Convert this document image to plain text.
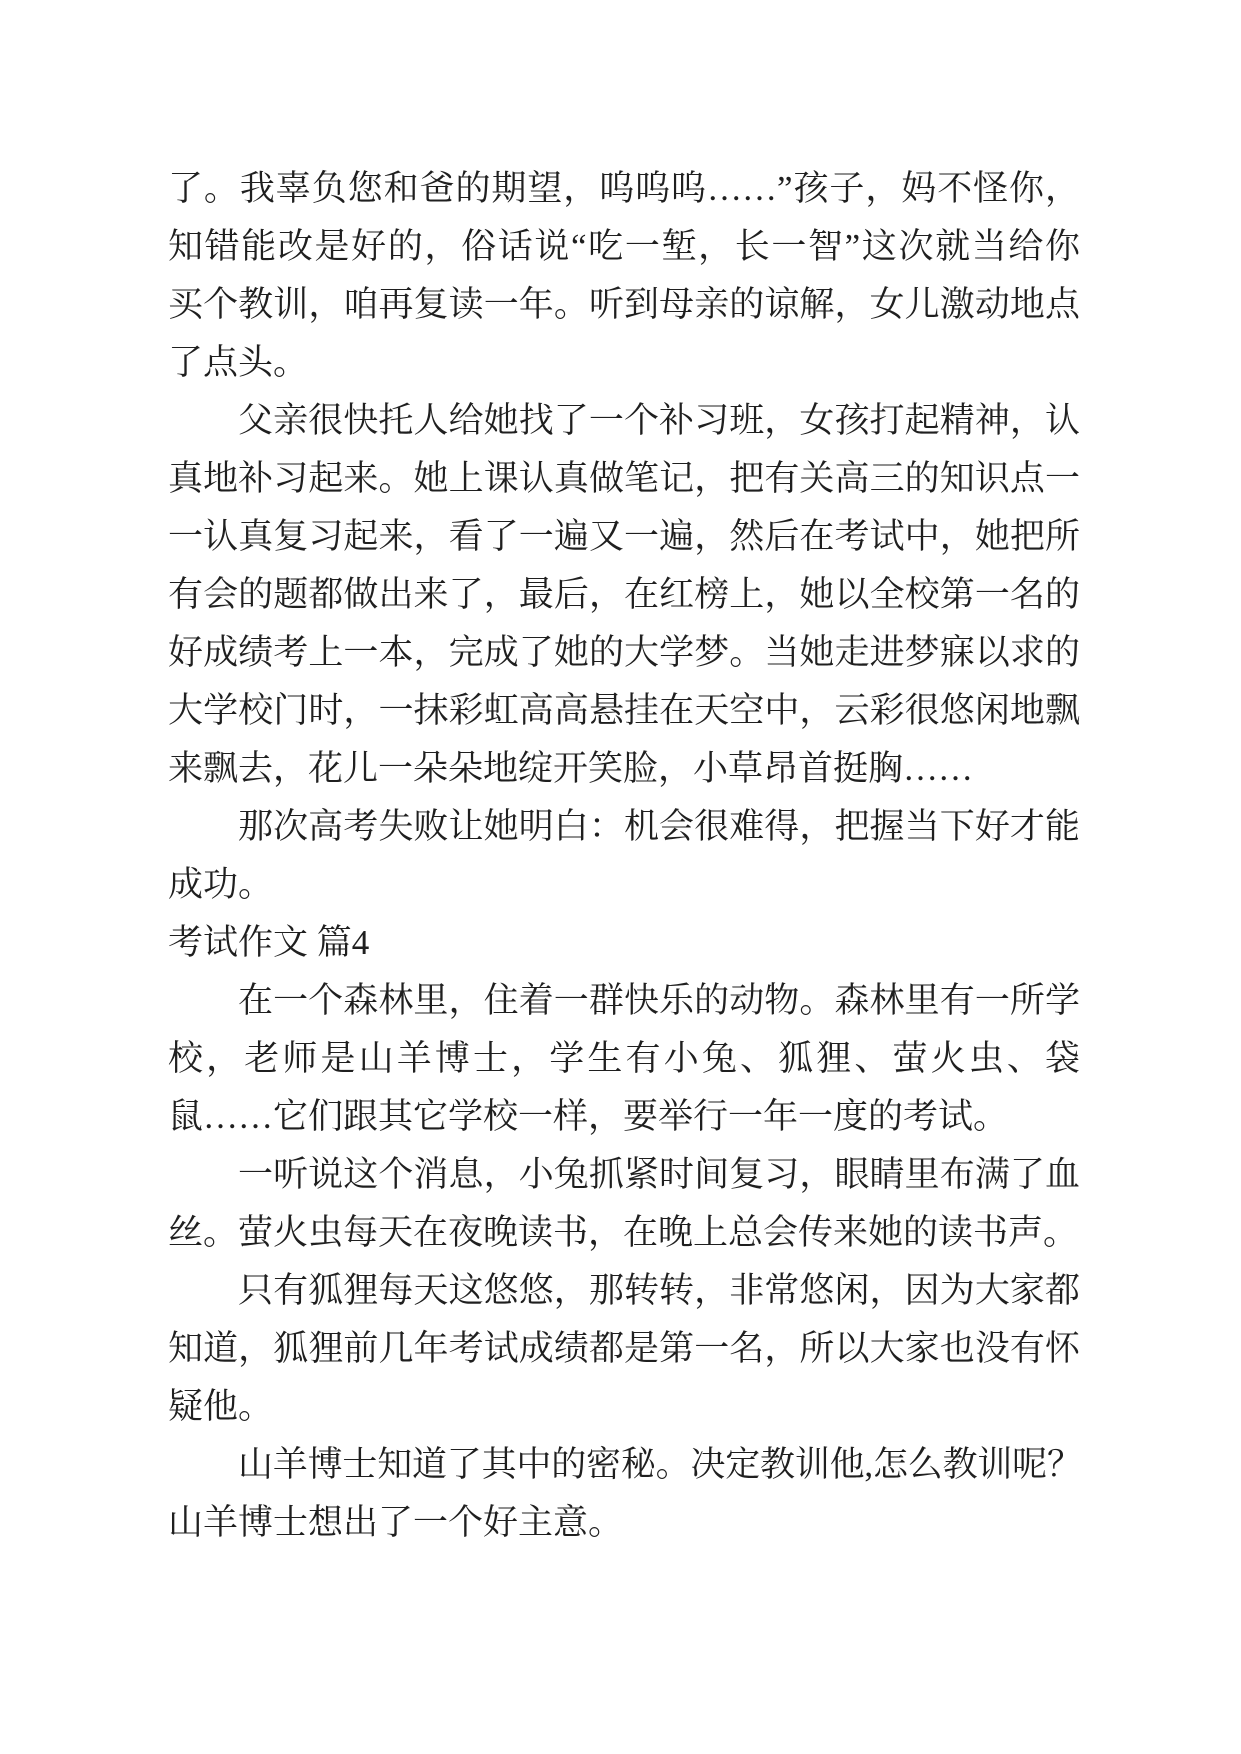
了。我辜负您和爸的期望，呜呜呜……”孩子，妈不怪你，
知错能改是好的，俗话说“吃一堑，长一智”这次就当给你
买个教训，咱再复读一年。听到母亲的谅解，女儿激动地点
了点头。
父亲很快托人给她找了一个补习班，女孩打起精神，认
真地补习起来。她上课认真做笔记，把有关高三的知识点一
一认真复习起来，看了一遍又一遍，然后在考试中，她把所
有会的题都做出来了，最后，在红榜上，她以全校第一名的
好成绩考上一本，完成了她的大学梦。当她走进梦寐以求的
大学校门时，一抹彩虹高高悬挂在天空中，云彩很悠闲地飘
来飘去，花儿一朵朵地绽开笑脸，小草昂首挺胸……
那次高考失败让她明白：机会很难得，把握当下好才能
成功。
考试作文 篇4
在一个森林里，住着一群快乐的动物。森林里有一所学
校，老师是山羊博士，学生有小兔、狐狸、萤火虫、袋
鼠……它们跟其它学校一样，要举行一年一度的考试。
一听说这个消息，小兔抓紧时间复习，眼睛里布满了血
丝。萤火虫每天在夜晚读书，在晚上总会传来她的读书声。
只有狐狸每天这悠悠，那转转，非常悠闲，因为大家都
知道，狐狸前几年考试成绩都是第一名，所以大家也没有怀
疑他。
山羊博士知道了其中的密秘。决定教训他,怎么教训呢？
山羊博士想出了一个好主意。
